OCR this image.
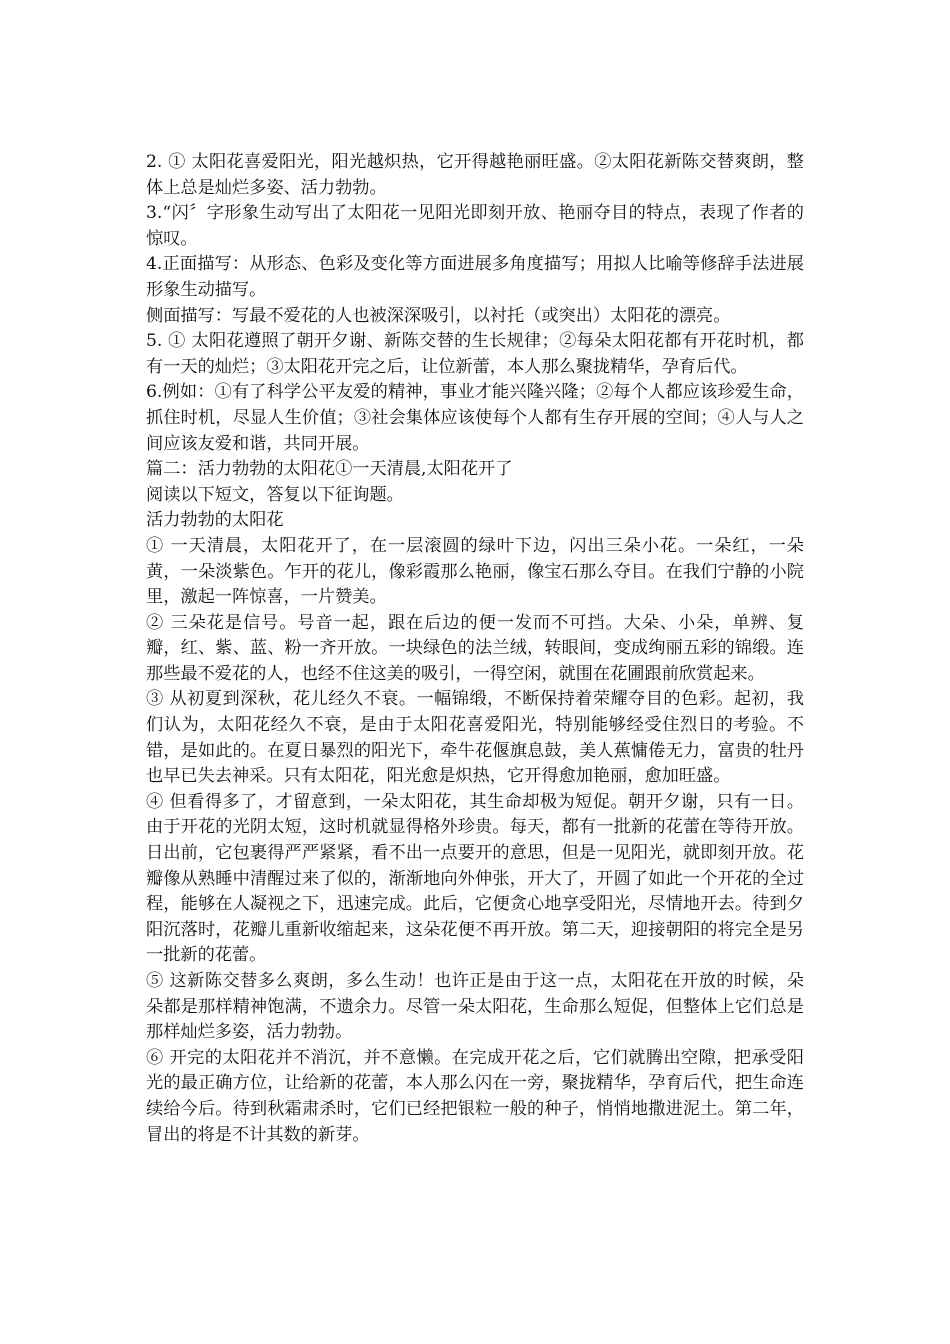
2. ① 太阳花喜爱阳光，阳光越炽热，它开得越艳丽旺盛。②太阳花新陈交替爽朗，整体上总是灿烂多姿、活力勃勃。

3.“闪〞字形象生动写出了太阳花一见阳光即刻开放、艳丽夺目的特点，表现了作者的惊叹。

4.正面描写：从形态、色彩及变化等方面进展多角度描写；用拟人比喻等修辞手法进展形象生动描写。

侧面描写：写最不爱花的人也被深深吸引，以衬托（或突出）太阳花的漂亮。

5. ① 太阳花遵照了朝开夕谢、新陈交替的生长规律；②每朵太阳花都有开花时机，都有一天的灿烂；③太阳花开完之后，让位新蕾，本人那么聚拢精华，孕育后代。

6.例如：①有了科学公平友爱的精神，事业才能兴隆兴隆；②每个人都应该珍爱生命，抓住时机，尽显人生价值；③社会集体应该使每个人都有生存开展的空间；④人与人之间应该友爱和谐，共同开展。

篇二：活力勃勃的太阳花①一天清晨,太阳花开了

阅读以下短文，答复以下征询题。

活力勃勃的太阳花

① 一天清晨，太阳花开了，在一层滚圆的绿叶下边，闪出三朵小花。一朵红，一朵黄，一朵淡紫色。乍开的花儿，像彩霞那么艳丽，像宝石那么夺目。在我们宁静的小院里，激起一阵惊喜，一片赞美。

② 三朵花是信号。号音一起，跟在后边的便一发而不可挡。大朵、小朵，单辨、复瓣，红、紫、蓝、粉一齐开放。一块绿色的法兰绒，转眼间，变成绚丽五彩的锦缎。连那些最不爱花的人，也经不住这美的吸引，一得空闲，就围在花圃跟前欣赏起来。

③ 从初夏到深秋，花儿经久不衰。一幅锦缎，不断保持着荣耀夺目的色彩。起初，我们认为，太阳花经久不衰，是由于太阳花喜爱阳光，特别能够经受住烈日的考验。不错，是如此的。在夏日暴烈的阳光下，牵牛花偃旗息鼓，美人蕉慵倦无力，富贵的牡丹也早已失去神采。只有太阳花，阳光愈是炽热，它开得愈加艳丽，愈加旺盛。

④ 但看得多了，才留意到，一朵太阳花，其生命却极为短促。朝开夕谢，只有一日。由于开花的光阴太短，这时机就显得格外珍贵。每天，都有一批新的花蕾在等待开放。日出前，它包裹得严严紧紧，看不出一点要开的意思，但是一见阳光，就即刻开放。花瓣像从熟睡中清醒过来了似的，渐渐地向外伸张，开大了，开圆了如此一个开花的全过程，能够在人凝视之下，迅速完成。此后，它便贪心地享受阳光，尽情地开去。待到夕阳沉落时，花瓣儿重新收缩起来，这朵花便不再开放。第二天，迎接朝阳的将完全是另一批新的花蕾。

⑤ 这新陈交替多么爽朗，多么生动！也许正是由于这一点，太阳花在开放的时候，朵朵都是那样精神饱满，不遗余力。尽管一朵太阳花，生命那么短促，但整体上它们总是那样灿烂多姿，活力勃勃。

⑥ 开完的太阳花并不消沉，并不意懒。在完成开花之后，它们就腾出空隙，把承受阳光的最正确方位，让给新的花蕾，本人那么闪在一旁，聚拢精华，孕育后代，把生命连续给今后。待到秋霜肃杀时，它们已经把银粒一般的种子，悄悄地撒进泥土。第二年，冒出的将是不计其数的新芽。
